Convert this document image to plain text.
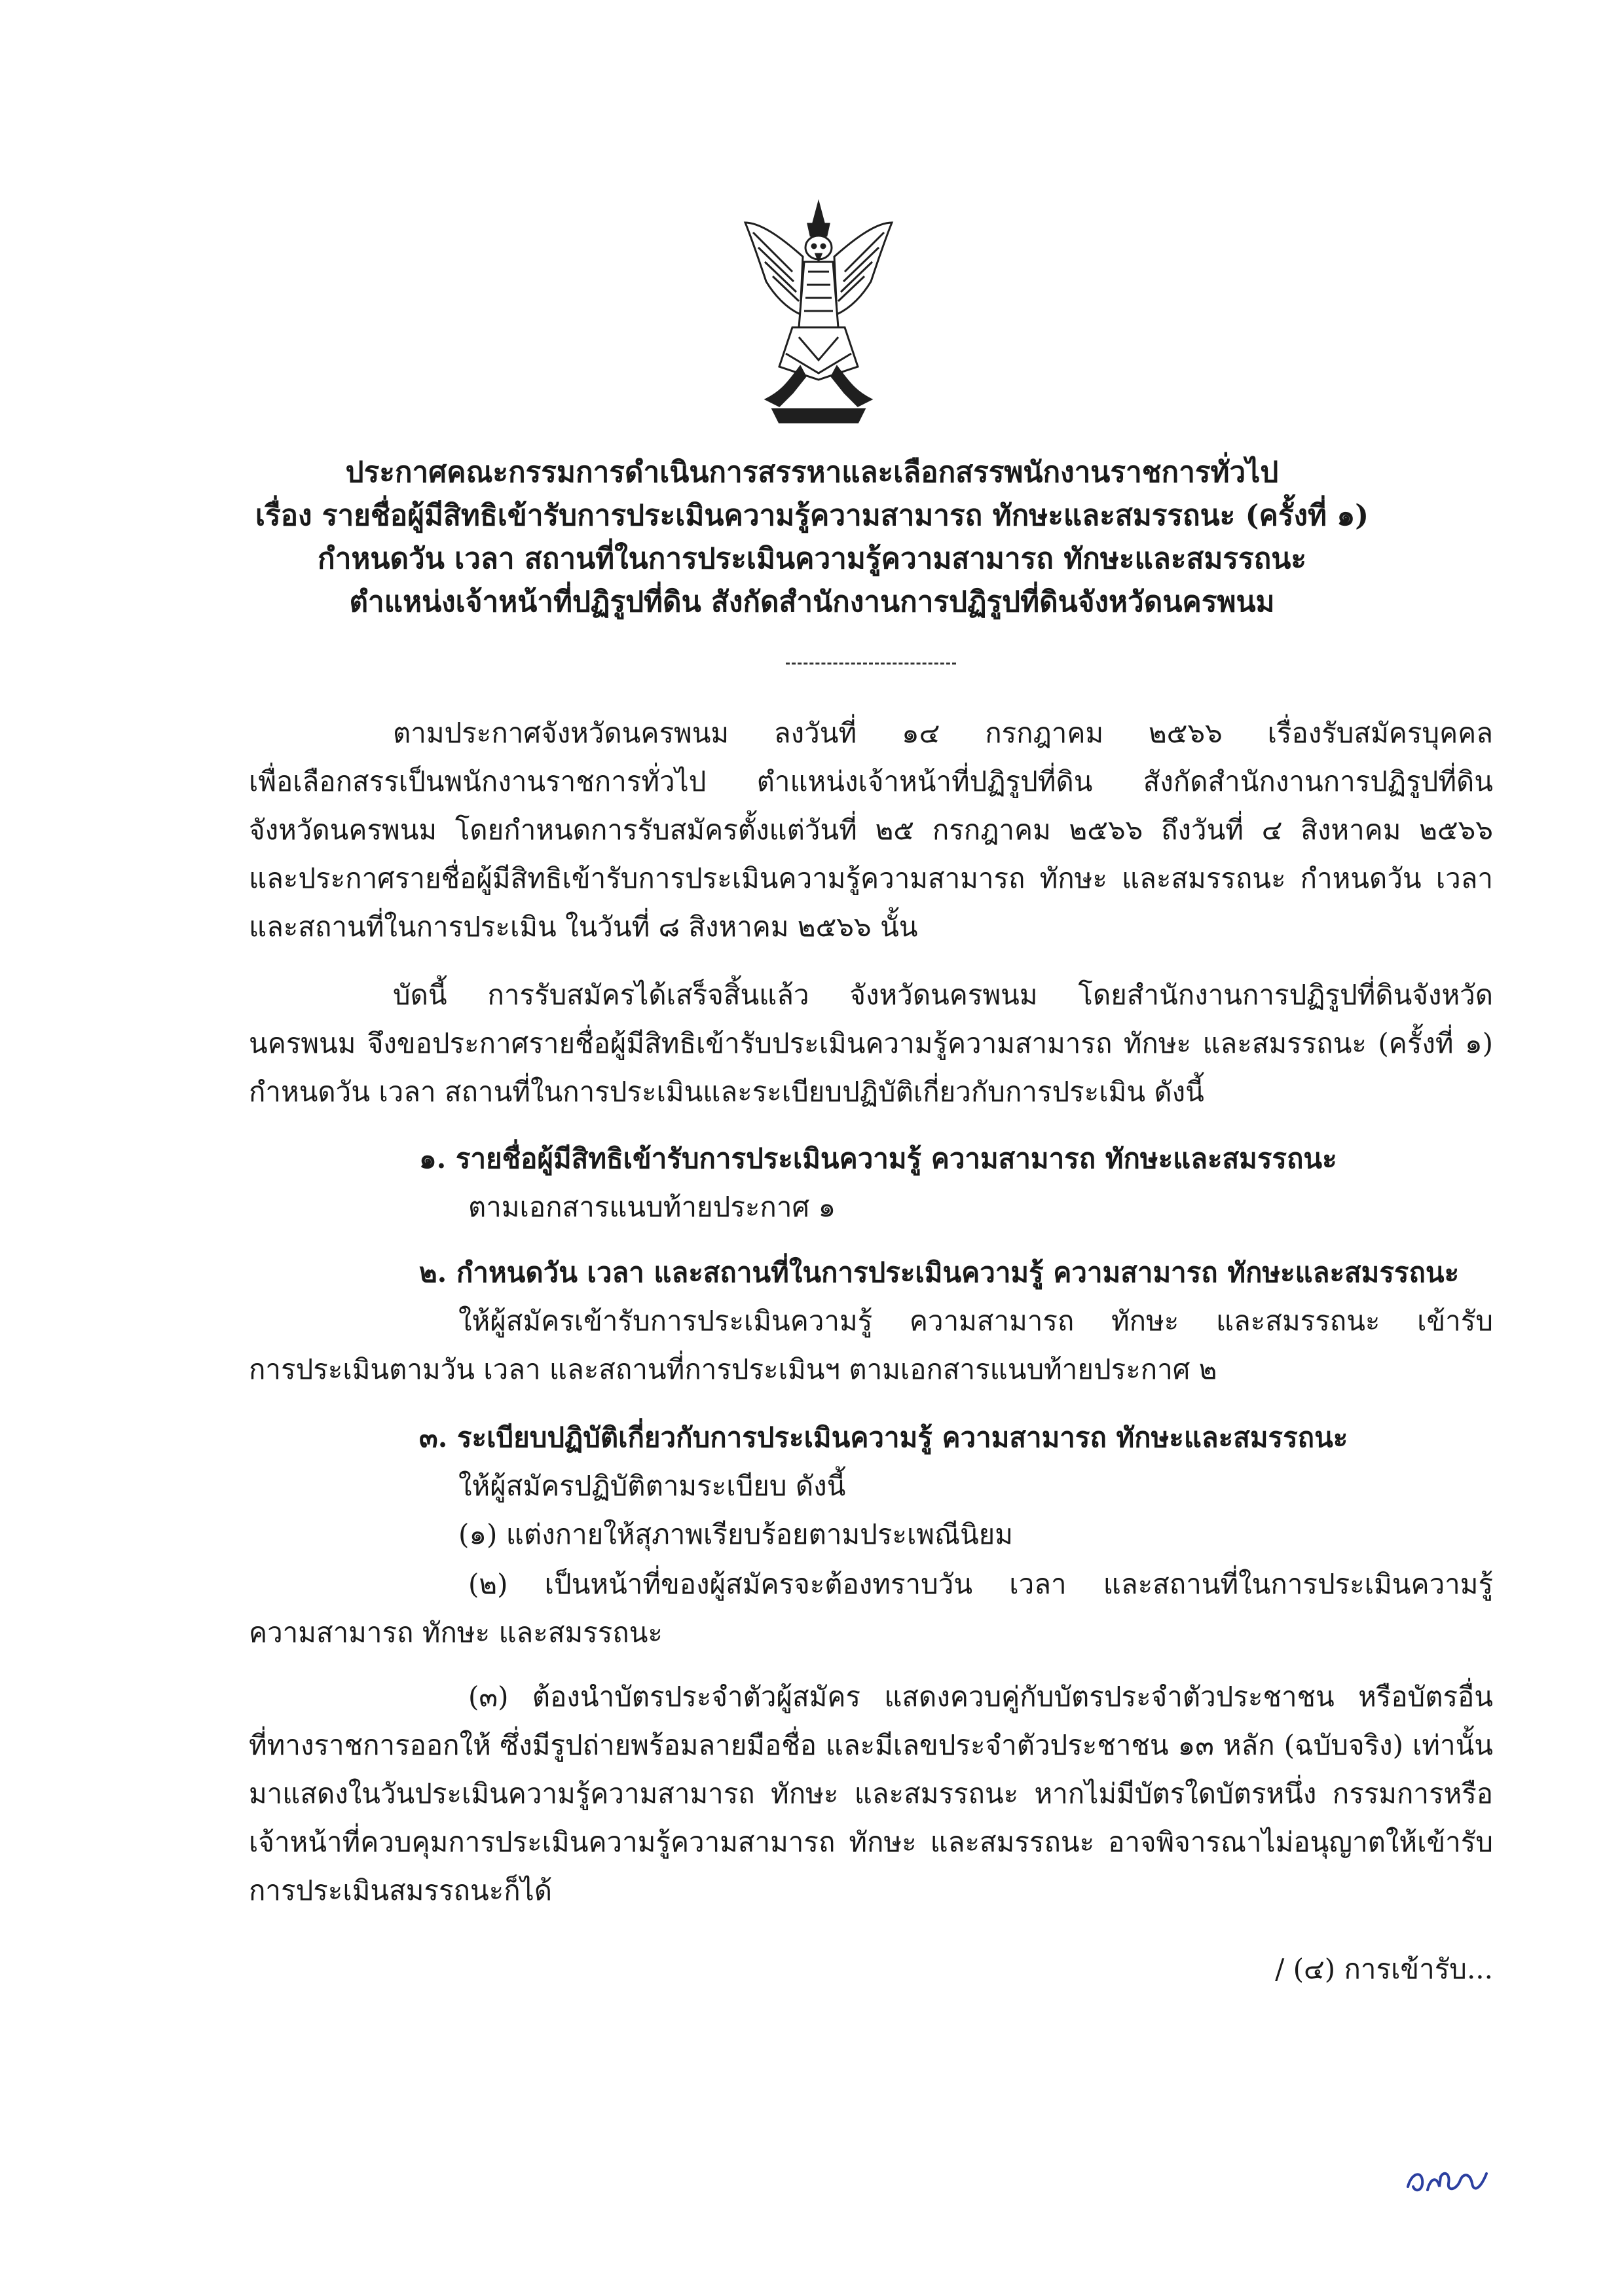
ประกาศคณะกรรมการดำเนินการสรรหาและเลือกสรรพนักงานราชการทั่วไป
เรื่อง รายชื่อผู้มีสิทธิเข้ารับการประเมินความรู้ความสามารถ ทักษะและสมรรถนะ (ครั้งที่ ๑)
กำหนดวัน เวลา สถานที่ในการประเมินความรู้ความสามารถ ทักษะและสมรรถนะ
ตำแหน่งเจ้าหน้าที่ปฏิรูปที่ดิน สังกัดสำนักงานการปฏิรูปที่ดินจังหวัดนครพนม
ตามประกาศจังหวัดนครพนม ลงวันที่ ๑๔ กรกฎาคม ๒๕๖๖ เรื่องรับสมัครบุคคล
เพื่อเลือกสรรเป็นพนักงานราชการทั่วไป ตำแหน่งเจ้าหน้าที่ปฏิรูปที่ดิน สังกัดสำนักงานการปฏิรูปที่ดิน
จังหวัดนครพนม โดยกำหนดการรับสมัครตั้งแต่วันที่ ๒๕ กรกฎาคม ๒๕๖๖ ถึงวันที่ ๔ สิงหาคม ๒๕๖๖
และประกาศรายชื่อผู้มีสิทธิเข้ารับการประเมินความรู้ความสามารถ ทักษะ และสมรรถนะ กำหนดวัน เวลา
และสถานที่ในการประเมิน ในวันที่ ๘ สิงหาคม ๒๕๖๖ นั้น
บัดนี้ การรับสมัครได้เสร็จสิ้นแล้ว จังหวัดนครพนม โดยสำนักงานการปฏิรูปที่ดินจังหวัด
นครพนม จึงขอประกาศรายชื่อผู้มีสิทธิเข้ารับประเมินความรู้ความสามารถ ทักษะ และสมรรถนะ (ครั้งที่ ๑)
กำหนดวัน เวลา สถานที่ในการประเมินและระเบียบปฏิบัติเกี่ยวกับการประเมิน ดังนี้
๑. รายชื่อผู้มีสิทธิเข้ารับการประเมินความรู้ ความสามารถ ทักษะและสมรรถนะ
ตามเอกสารแนบท้ายประกาศ ๑
๒. กำหนดวัน เวลา และสถานที่ในการประเมินความรู้ ความสามารถ ทักษะและสมรรถนะ
ให้ผู้สมัครเข้ารับการประเมินความรู้ ความสามารถ ทักษะ และสมรรถนะ เข้ารับ
การประเมินตามวัน เวลา และสถานที่การประเมินฯ ตามเอกสารแนบท้ายประกาศ ๒
๓. ระเบียบปฏิบัติเกี่ยวกับการประเมินความรู้ ความสามารถ ทักษะและสมรรถนะ
ให้ผู้สมัครปฏิบัติตามระเบียบ ดังนี้
(๑) แต่งกายให้สุภาพเรียบร้อยตามประเพณีนิยม
(๒) เป็นหน้าที่ของผู้สมัครจะต้องทราบวัน เวลา และสถานที่ในการประเมินความรู้
ความสามารถ ทักษะ และสมรรถนะ
(๓) ต้องนำบัตรประจำตัวผู้สมัคร แสดงควบคู่กับบัตรประจำตัวประชาชน หรือบัตรอื่น
ที่ทางราชการออกให้ ซึ่งมีรูปถ่ายพร้อมลายมือชื่อ และมีเลขประจำตัวประชาชน ๑๓ หลัก (ฉบับจริง) เท่านั้น
มาแสดงในวันประเมินความรู้ความสามารถ ทักษะ และสมรรถนะ หากไม่มีบัตรใดบัตรหนึ่ง กรรมการหรือ
เจ้าหน้าที่ควบคุมการประเมินความรู้ความสามารถ ทักษะ และสมรรถนะ อาจพิจารณาไม่อนุญาตให้เข้ารับ
การประเมินสมรรถนะก็ได้
/ (๔) การเข้ารับ...
